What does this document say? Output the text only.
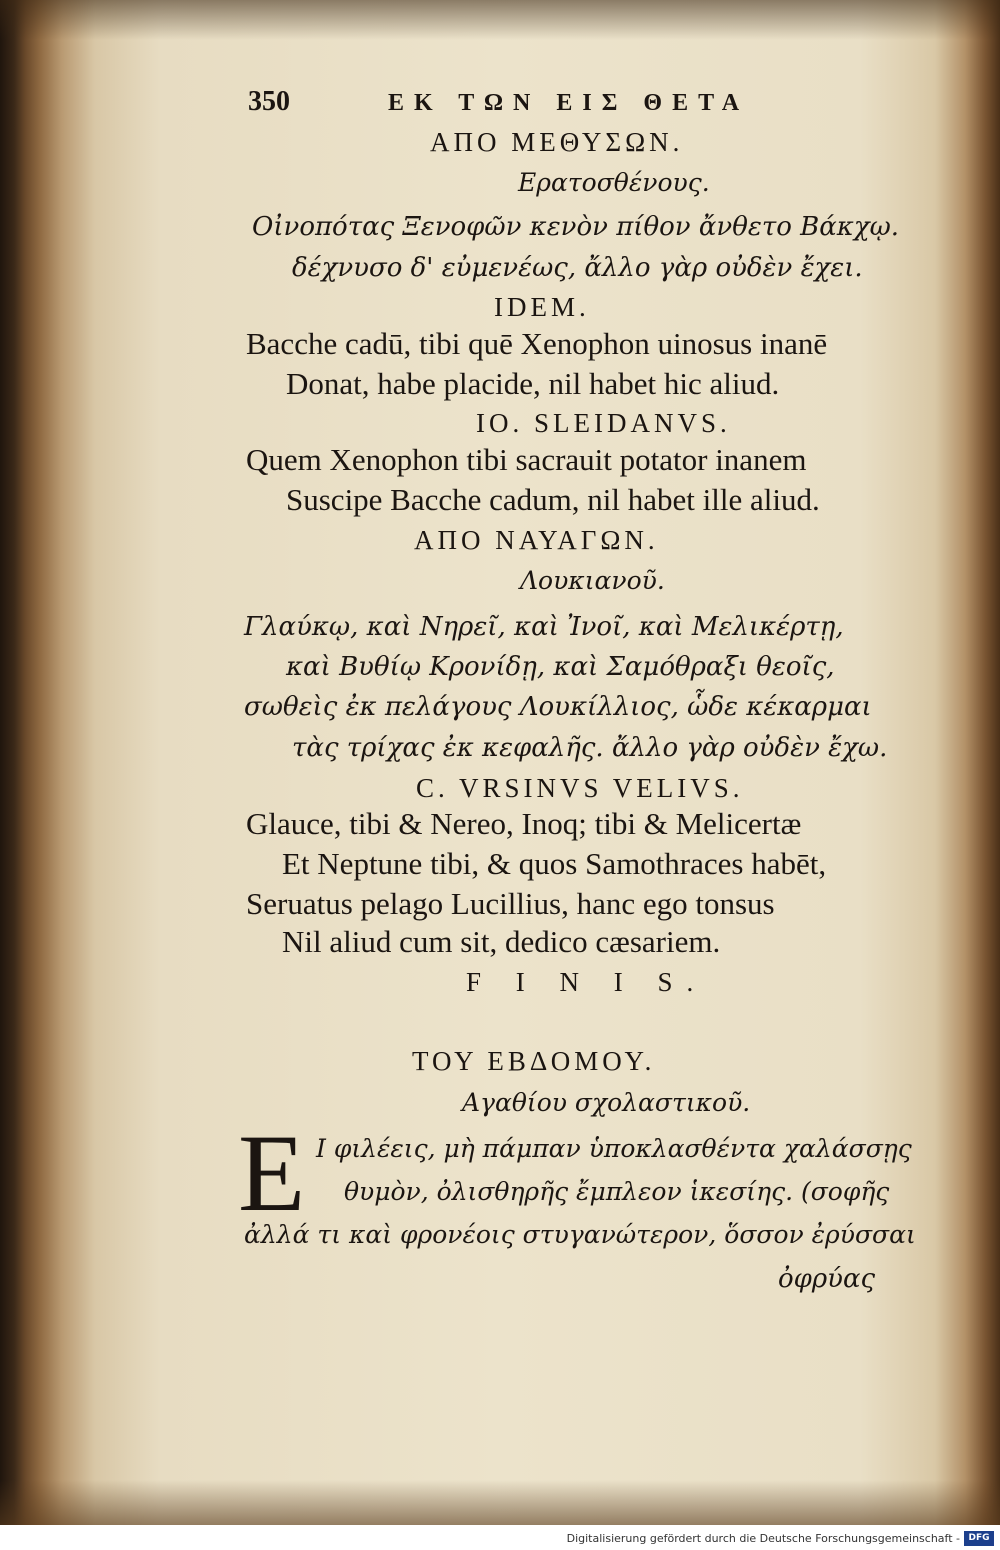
350	ΕΚ ΤΩΝ ΕΙΣ ΘΕΤΑ
ΑΠΟ ΜΕΘΥΣΩΝ.
Ερατοσθένους.
Οἰνοπότας Ξενοφῶν κενὸν πίθον ἄνθετο Βάκχῳ.
δέχνυσο δ' εὐμενέως, ἄλλο γὰρ οὐδὲν ἔχει.
IDEM.
Bacche cadū, tibi quē Xenophon uinosus inanē
Donat, habe placide, nil habet hic aliud.
IO. SLEIDANVS.
Quem Xenophon tibi sacrauit potator inanem
Suscipe Bacche cadum, nil habet ille aliud.
ΑΠΟ ΝΑΥΑΓΩΝ.
Λουκιανοῦ.
Γλαύκῳ, καὶ Νηρεῖ, καὶ Ἰνοῖ, καὶ Μελικέρτῃ,
καὶ Βυθίῳ Κρονίδῃ, καὶ Σαμόθραξι θεοῖς,
σωθεὶς ἐκ πελάγους Λουκίλλιος, ὧδε κέκαρμαι
τὰς τρίχας ἐκ κεφαλῆς. ἄλλο γὰρ οὐδὲν ἔχω.
C. VRSINVS VELIVS.
Glauce, tibi & Nereo, Inoq; tibi & Melicertæ
Et Neptune tibi, & quos Samothraces habēt,
Seruatus pelago Lucillius, hanc ego tonsus
Nil aliud cum sit, dedico cæsariem.
F I N I S.
ΤΟΥ ΕΒΔΟΜΟΥ.
Αγαθίου σχολαστικοῦ.
E Ι φιλέεις, μὴ πάμπαν ὑποκλασθέντα χαλάσσῃς
θυμὸν, ὀλισθηρῆς ἔμπλεον ἱκεσίης. (σοφῆς
ἀλλά τι καὶ φρονέοις στυγανώτερον, ὅσσον ἐρύσσαι
ὀφρύας
Digitalisierung gefördert durch die Deutsche Forschungsgemeinschaft - DFG
